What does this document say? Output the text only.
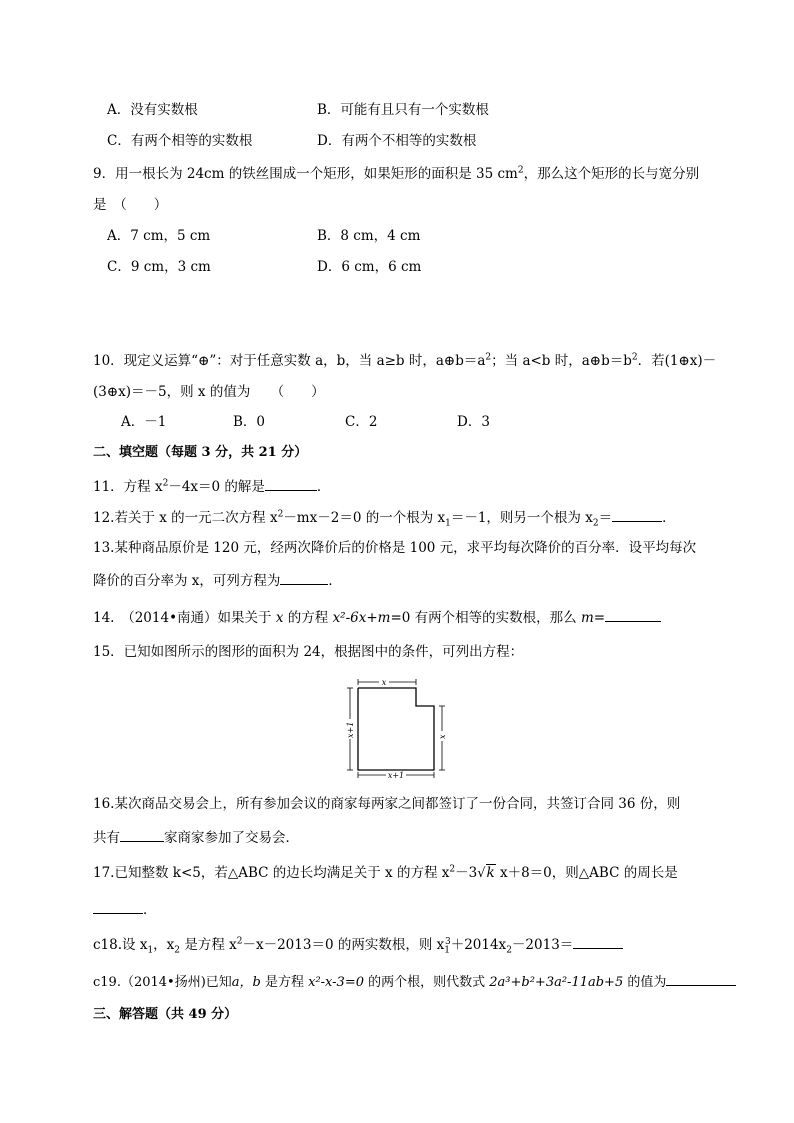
A．没有实数根	B．可能有且只有一个实数根
C．有两个相等的实数根	D．有两个不相等的实数根
9．用一根长为 24cm 的铁丝围成一个矩形，如果矩形的面积是 35 $cm^2$，那么这个矩形的长与宽分别
是　（　　）
A．7 cm，5 cm	B．8 cm，4 cm
C．9 cm，3 cm	D．6 cm，6 cm
10．现定义运算“⊕”：对于任意实数 a，b，当 a≥b 时，$a\oplus b=a^2$；当 a<b 时，$a\oplus b=b^2$．若(1⊕x)－
(3⊕x)＝－5，则 x 的值为　　（　　）
A．－1	B．0	C．2	D．3
二、填空题（每题 3 分，共 21 分）
11．方程 $x^2-4x=0$ 的解是	．
12.若关于 x 的一元二次方程 $x^2-mx-2=0$ 的一个根为 $x_1=-1$，则另一个根为 $x_2=$	．
13.某种商品原价是 120 元，经两次降价后的价格是 100 元，求平均每次降价的百分率．设平均每次
降价的百分率为 x，可列方程为	．
14.　（2014•南通）如果关于 x 的方程 x²-6x+m=0 有两个相等的实数根，那么 m=
15．已知如图所示的图形的面积为 24，根据图中的条件，可列出方程：
x
x+1	x
x+1
16.某次商品交易会上，所有参加会议的商家每两家之间都签订了一份合同，共签订合同 36 份，则
共有	家商家参加了交易会．
17.已知整数 k<5，若△ABC 的边长均满足关于 x 的方程 $x^2-3√k$ x＋8＝0，则△ABC 的周长是
．
c18.设 $x_1$，$x_2$ 是方程 $x^2-x-2013=0$ 的两实数根，则 $x_1^3+2014x_2-2013=$
c19.（2014•扬州)已知a，b 是方程 x²-x-3=0 的两个根，则代数式 2a³+b²+3a²-11ab+5 的值为
三、解答题（共 49 分）
